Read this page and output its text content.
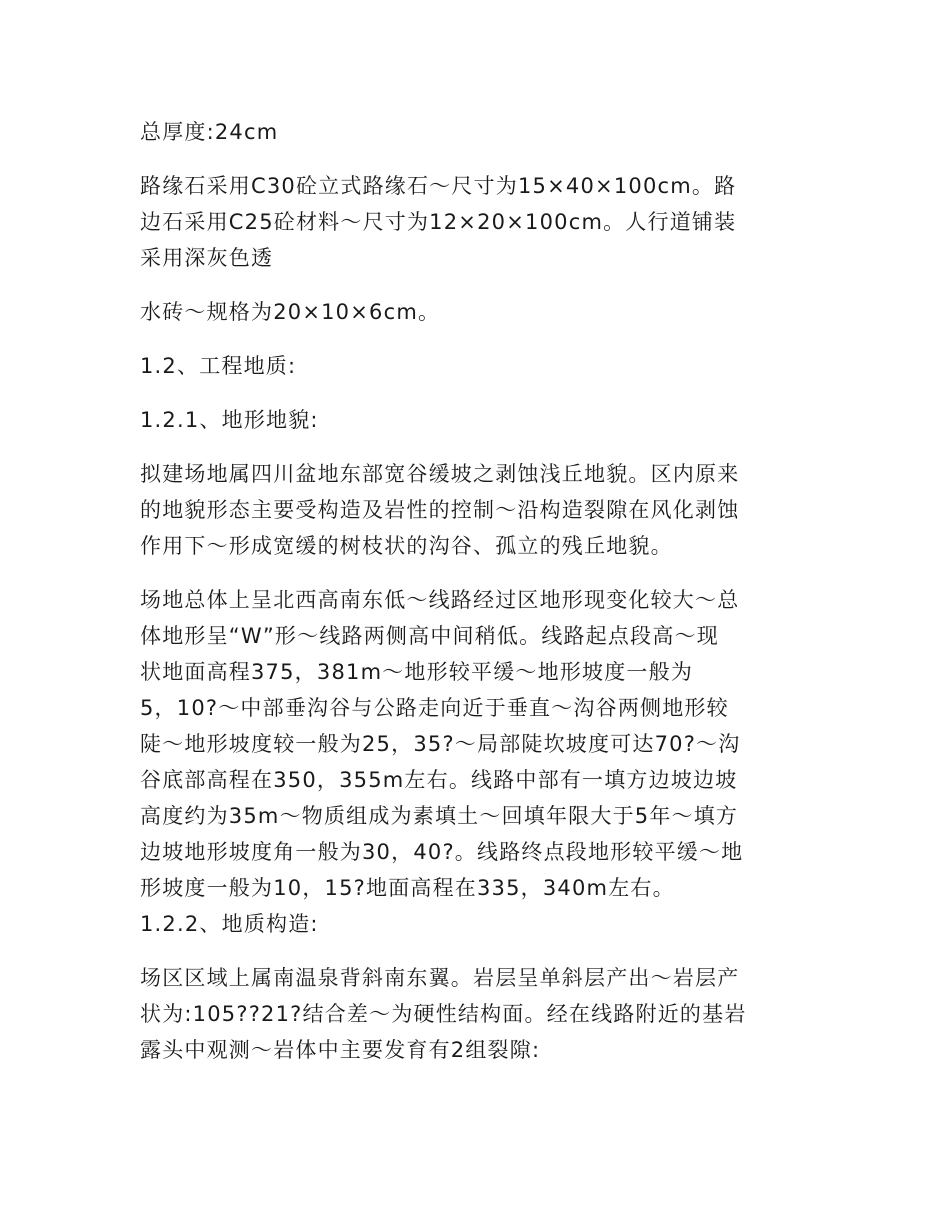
总厚度:24cm

路缘石采用C30砼立式路缘石～尺寸为15×40×100cm。路
边石采用C25砼材料～尺寸为12×20×100cm。人行道铺装
采用深灰色透

水砖～规格为20×10×6cm。

1.2、工程地质:

1.2.1、地形地貌:

拟建场地属四川盆地东部宽谷缓坡之剥蚀浅丘地貌。区内原来
的地貌形态主要受构造及岩性的控制～沿构造裂隙在风化剥蚀
作用下～形成宽缓的树枝状的沟谷、孤立的残丘地貌。

场地总体上呈北西高南东低～线路经过区地形现变化较大～总
体地形呈“W”形～线路两侧高中间稍低。线路起点段高～现
状地面高程375，381m～地形较平缓～地形坡度一般为
5，10?～中部垂沟谷与公路走向近于垂直～沟谷两侧地形较
陡～地形坡度较一般为25，35?～局部陡坎坡度可达70?～沟
谷底部高程在350，355m左右。线路中部有一填方边坡边坡
高度约为35m～物质组成为素填土～回填年限大于5年～填方
边坡地形坡度角一般为30，40?。线路终点段地形较平缓～地
形坡度一般为10，15?地面高程在335，340m左右。

1.2.2、地质构造:

场区区域上属南温泉背斜南东翼。岩层呈单斜层产出～岩层产
状为:105??21?结合差～为硬性结构面。经在线路附近的基岩
露头中观测～岩体中主要发育有2组裂隙:
